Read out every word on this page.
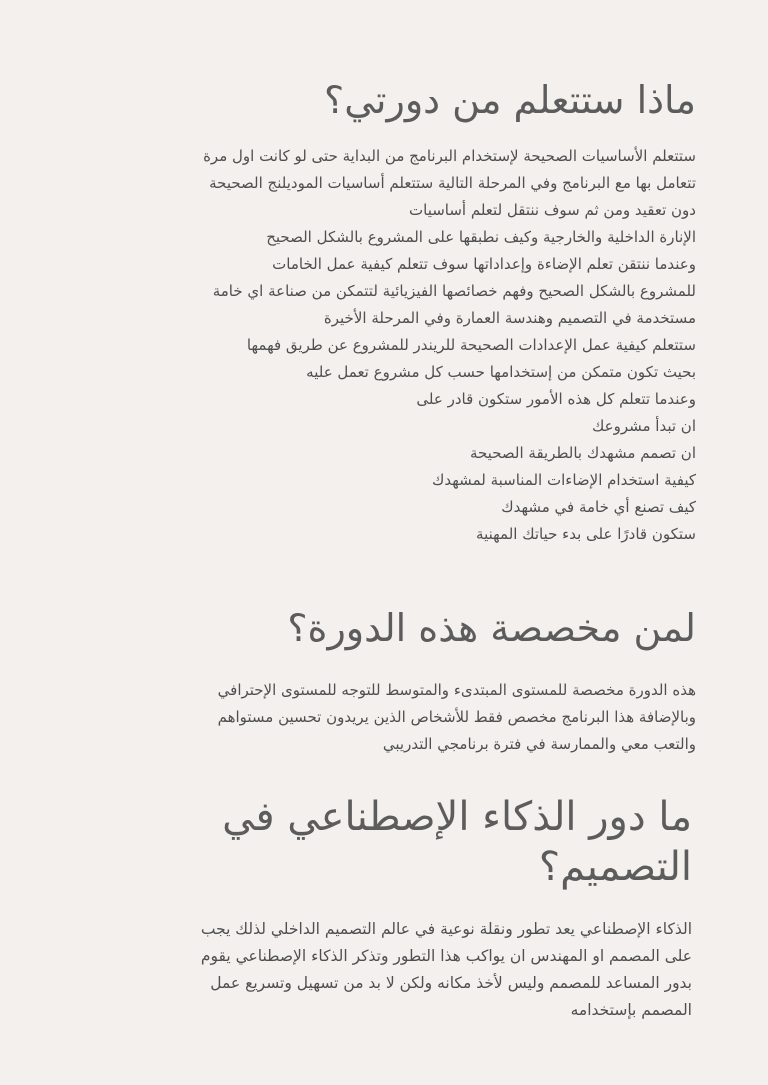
ماذا ستتعلم من دورتي؟
ستتعلم الأساسيات الصحيحة لإستخدام البرنامج من البداية حتى لو كانت اول مرة
تتعامل بها مع البرنامج وفي المرحلة التالية ستتعلم أساسيات الموديلنج الصحيحة
دون تعقيد ومن ثم سوف ننتقل لتعلم أساسيات
الإنارة الداخلية والخارجية وكيف نطبقها على المشروع بالشكل الصحيح
وعندما ننتقن تعلم الإضاءة وإعداداتها سوف تتعلم كيفية عمل الخامات
للمشروع بالشكل الصحيح وفهم خصائصها الفيزيائية لتتمكن من صناعة اي خامة
مستخدمة في التصميم وهندسة العمارة وفي المرحلة الأخيرة
ستتعلم كيفية عمل الإعدادات الصحيحة للريندر للمشروع عن طريق فهمها
بحيث تكون متمكن من إستخدامها حسب كل مشروع تعمل عليه
وعندما تتعلم كل هذه الأمور ستكون قادر على
ان تبدأ مشروعك
ان تصمم مشهدك بالطريقة الصحيحة
كيفية استخدام الإضاءات المناسبة لمشهدك
كيف تصنع أي خامة في مشهدك
ستكون قادرًا على بدء حياتك المهنية
لمن مخصصة هذه الدورة؟
هذه الدورة مخصصة للمستوى المبتدىء والمتوسط للتوجه للمستوى الإحترافي
وبالإضافة هذا البرنامج مخصص فقط للأشخاص الذين يريدون تحسين مستواهم
والتعب معي والممارسة في فترة برنامجي التدريبي
ما دور الذكاء الإصطناعي في
التصميم؟
الذكاء الإصطناعي يعد تطور ونقلة نوعية في عالم التصميم الداخلي لذلك يجب
على المصمم او المهندس ان يواكب هذا التطور وتذكر الذكاء الإصطناعي يقوم
بدور المساعد للمصمم وليس لأخذ مكانه ولكن لا بد من تسهيل وتسريع عمل
المصمم بإستخدامه
